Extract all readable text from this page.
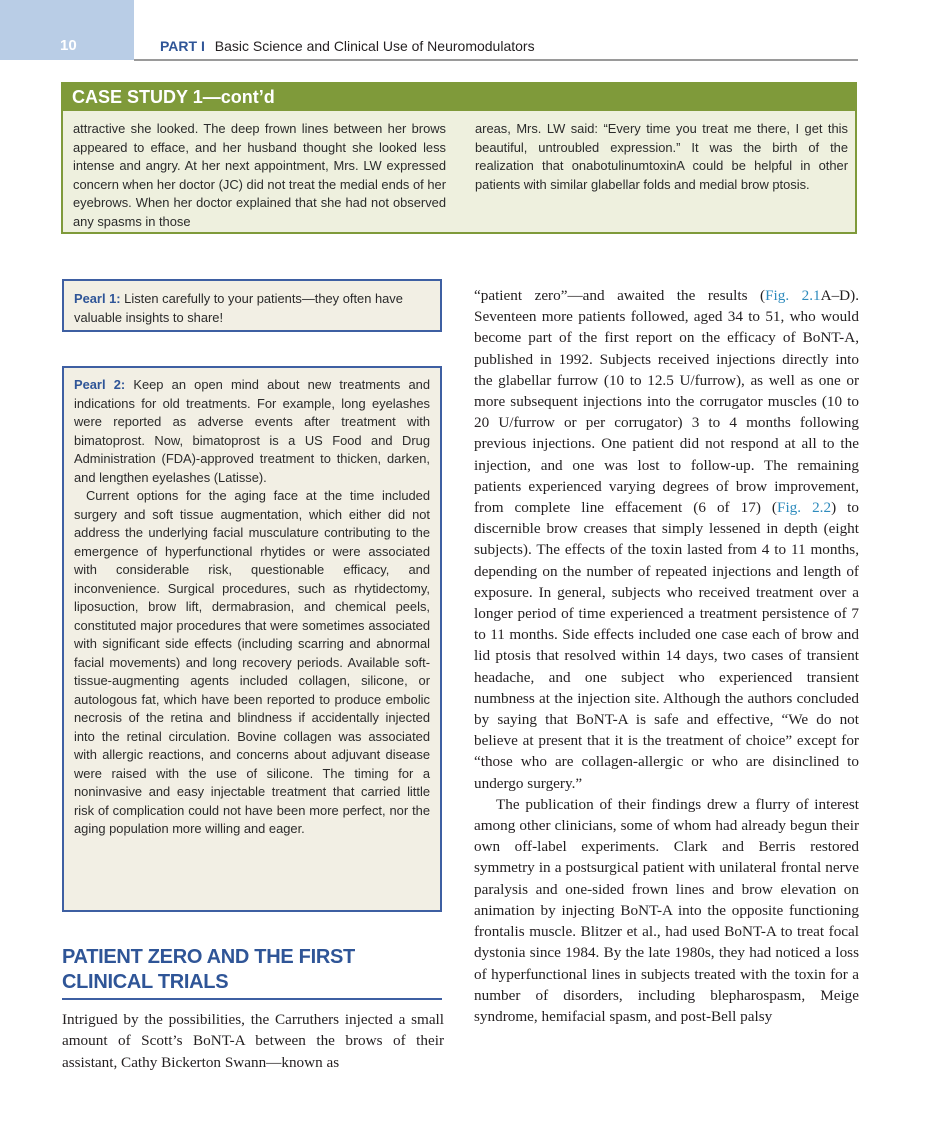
10	PART I Basic Science and Clinical Use of Neuromodulators
CASE STUDY 1—cont’d
attractive she looked. The deep frown lines between her brows appeared to efface, and her husband thought she looked less intense and angry. At her next appointment, Mrs. LW expressed concern when her doctor (JC) did not treat the medial ends of her eyebrows. When her doctor explained that she had not observed any spasms in those
areas, Mrs. LW said: “Every time you treat me there, I get this beautiful, untroubled expression.” It was the birth of the realization that onabotulinumtoxinA could be helpful in other patients with similar glabellar folds and medial brow ptosis.
Pearl 1: Listen carefully to your patients—they often have valuable insights to share!

Pearl 2: Keep an open mind about new treatments and indications for old treatments. For example, long eyelashes were reported as adverse events after treatment with bimatoprost. Now, bimatoprost is a US Food and Drug Administration (FDA)-approved treatment to thicken, darken, and lengthen eyelashes (Latisse).

Current options for the aging face at the time included surgery and soft tissue augmentation, which either did not address the underlying facial musculature contributing to the emergence of hyperfunctional rhytides or were associated with considerable risk, questionable efficacy, and inconvenience. Surgical procedures, such as rhytidectomy, liposuction, brow lift, dermabrasion, and chemical peels, constituted major procedures that were sometimes associated with significant side effects (including scarring and abnormal facial movements) and long recovery periods. Available soft-tissue-augmenting agents included collagen, silicone, or autologous fat, which have been reported to produce embolic necrosis of the retina and blindness if accidentally injected into the retinal circulation. Bovine collagen was associated with allergic reactions, and concerns about adjuvant disease were raised with the use of silicone. The timing for a noninvasive and easy injectable treatment that carried little risk of complication could not have been more perfect, nor the aging population more willing and eager.

PATIENT ZERO AND THE FIRST CLINICAL TRIALS
Intrigued by the possibilities, the Carruthers injected a small amount of Scott’s BoNT-A between the brows of their assistant, Cathy Bickerton Swann—known as

“patient zero”—and awaited the results (Fig. 2.1A–D). Seventeen more patients followed, aged 34 to 51, who would become part of the first report on the efficacy of BoNT-A, published in 1992. Subjects received injections directly into the glabellar furrow (10 to 12.5 U/furrow), as well as one or more subsequent injections into the corrugator muscles (10 to 20 U/furrow or per corrugator) 3 to 4 months following previous injections. One patient did not respond at all to the injection, and one was lost to follow-up. The remaining patients experienced varying degrees of brow improvement, from complete line effacement (6 of 17) (Fig. 2.2) to discernible brow creases that simply lessened in depth (eight subjects). The effects of the toxin lasted from 4 to 11 months, depending on the number of repeated injections and length of exposure. In general, subjects who received treatment over a longer period of time experienced a treatment persistence of 7 to 11 months. Side effects included one case each of brow and lid ptosis that resolved within 14 days, two cases of transient headache, and one subject who experienced transient numbness at the injection site. Although the authors concluded by saying that BoNT-A is safe and effective, “We do not believe at present that it is the treatment of choice” except for “those who are collagen-allergic or who are disinclined to undergo surgery.”

The publication of their findings drew a flurry of interest among other clinicians, some of whom had already begun their own off-label experiments. Clark and Berris restored symmetry in a postsurgical patient with unilateral frontal nerve paralysis and one-sided frown lines and brow elevation on animation by injecting BoNT-A into the opposite functioning frontalis muscle. Blitzer et al., had used BoNT-A to treat focal dystonia since 1984. By the late 1980s, they had noticed a loss of hyperfunctional lines in subjects treated with the toxin for a number of disorders, including blepharospasm, Meige syndrome, hemifacial spasm, and post-Bell palsy
